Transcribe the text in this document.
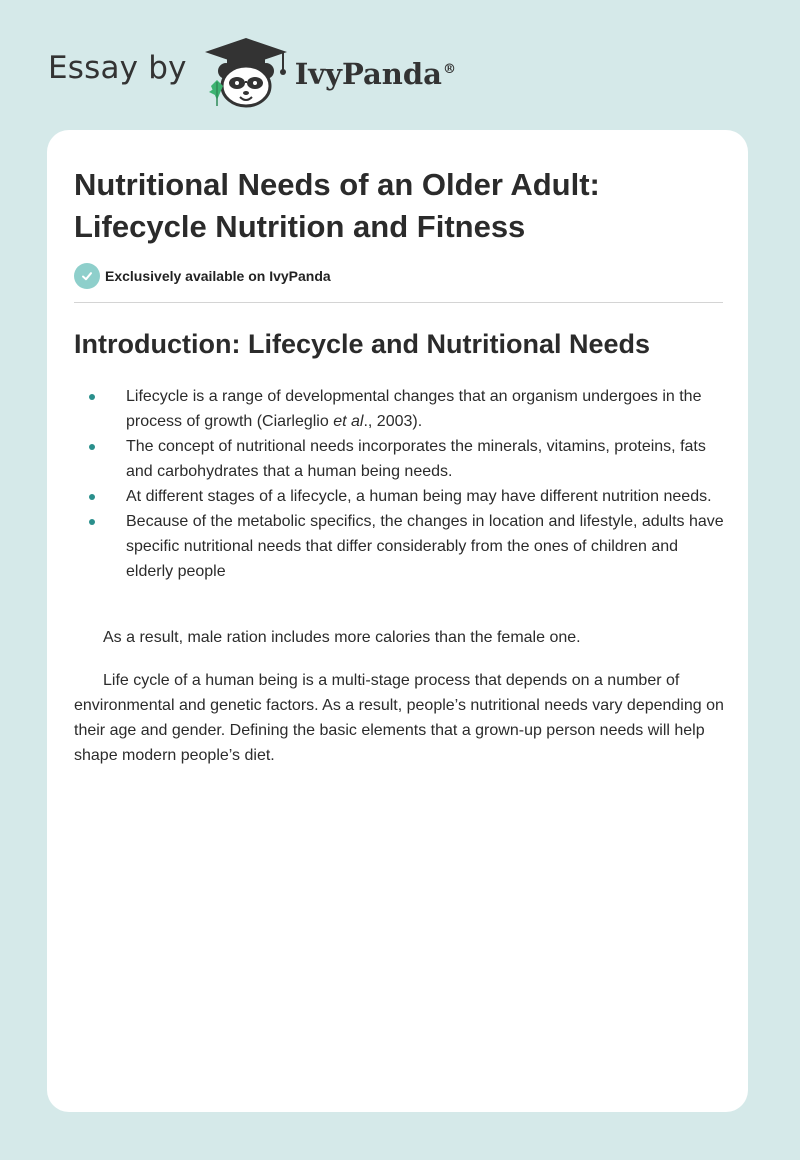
Essay by	IvyPanda®
Nutritional Needs of an Older Adult: Lifecycle Nutrition and Fitness
Exclusively available on IvyPanda
Introduction: Lifecycle and Nutritional Needs
Lifecycle is a range of developmental changes that an organism undergoes in the process of growth (Ciarleglio et al., 2003).
The concept of nutritional needs incorporates the minerals, vitamins, proteins, fats and carbohydrates that a human being needs.
At different stages of a lifecycle, a human being may have different nutrition needs.
Because of the metabolic specifics, the changes in location and lifestyle, adults have specific nutritional needs that differ considerably from the ones of children and elderly people

As a result, male ration includes more calories than the female one.

Life cycle of a human being is a multi-stage process that depends on a number of environmental and genetic factors. As a result, people’s nutritional needs vary depending on their age and gender. Defining the basic elements that a grown-up person needs will help shape modern people’s diet.
